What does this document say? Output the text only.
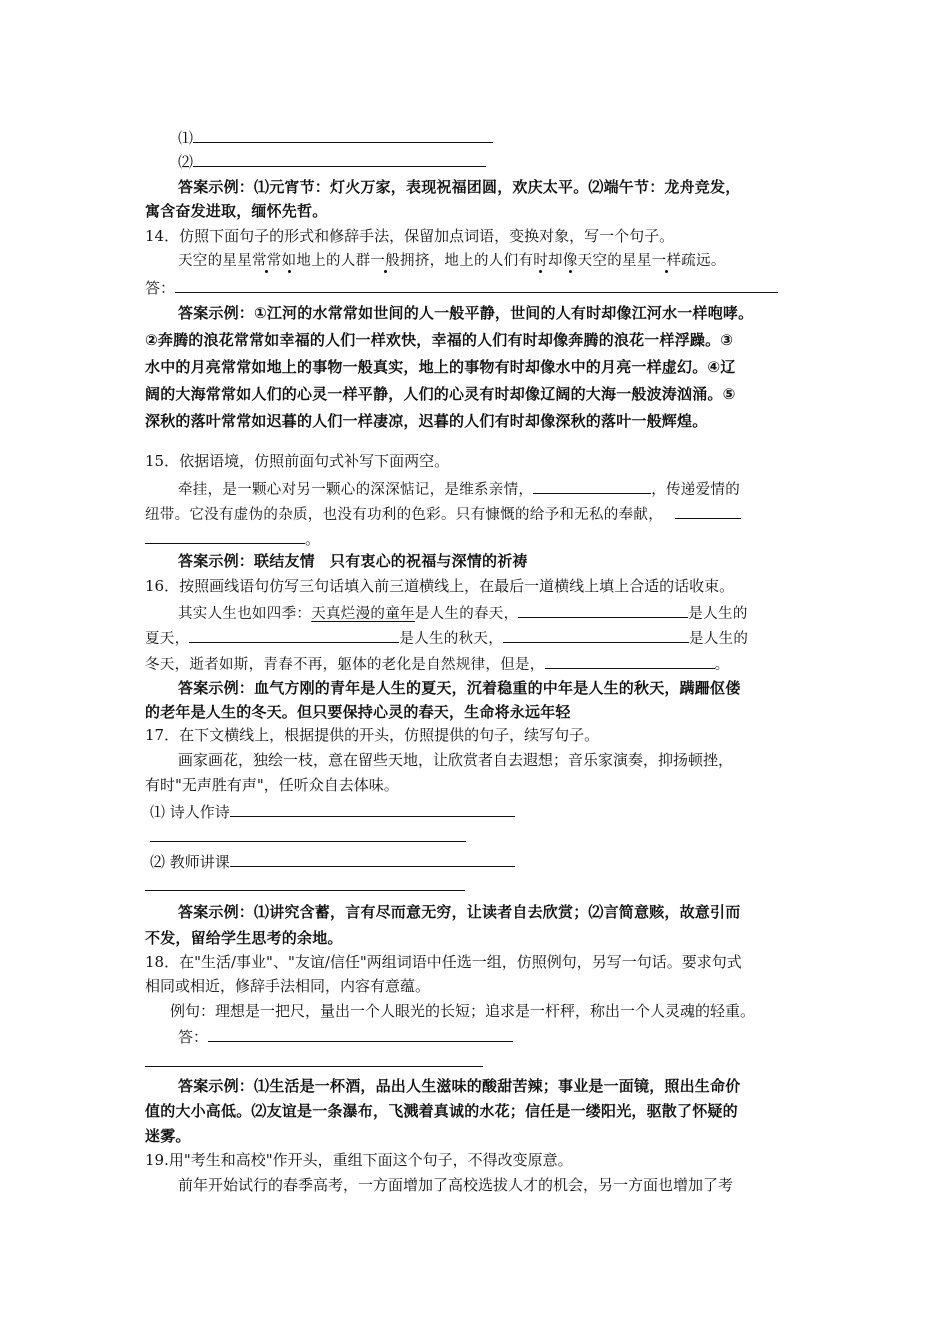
⑴
⑵
答案示例：⑴元宵节：灯火万家，表现祝福团圆，欢庆太平。⑵端午节：龙舟竞发，
寓含奋发进取，缅怀先哲。
14．仿照下面句子的形式和修辞手法，保留加点词语，变换对象，写一个句子。
天空的星星常常如地上的人群一般拥挤，地上的人们有时却像天空的星星一样疏远。
答：
答案示例：①江河的水常常如世间的人一般平静，世间的人有时却像江河水一样咆哮。
②奔腾的浪花常常如幸福的人们一样欢快，幸福的人们有时却像奔腾的浪花一样浮躁。③
水中的月亮常常如地上的事物一般真实，地上的事物有时却像水中的月亮一样虚幻。④辽
阔的大海常常如人们的心灵一样平静，人们的心灵有时却像辽阔的大海一般波涛汹涌。⑤
深秋的落叶常常如迟暮的人们一样凄凉，迟暮的人们有时却像深秋的落叶一般辉煌。
15．依据语境，仿照前面句式补写下面两空。
牵挂，是一颗心对另一颗心的深深惦记，是维系亲情，	，传递爱情的
纽带。它没有虚伪的杂质，也没有功利的色彩。只有慷慨的给予和无私的奉献，
。
答案示例：联结友情　只有衷心的祝福与深情的祈祷
16．按照画线语句仿写三句话填入前三道横线上，在最后一道横线上填上合适的话收束。
其实人生也如四季：天真烂漫的童年是人生的春天，	是人生的
夏天，	是人生的秋天，	是人生的
冬天，逝者如斯，青春不再，躯体的老化是自然规律，但是，	。
答案示例：血气方刚的青年是人生的夏天，沉着稳重的中年是人生的秋天，蹒跚伛偻
的老年是人生的冬天。但只要保持心灵的春天，生命将永远年轻
17．在下文横线上，根据提供的开头，仿照提供的句子，续写句子。
画家画花，独绘一枝，意在留些天地，让欣赏者自去遐想；音乐家演奏，抑扬顿挫，
有时"无声胜有声"，任听众自去体味。
⑴ 诗人作诗
⑵ 教师讲课
答案示例：⑴讲究含蓄，言有尽而意无穷，让读者自去欣赏；⑵言简意赅，故意引而
不发，留给学生思考的余地。
18．在"生活/事业"、"友谊/信任"两组词语中任选一组，仿照例句，另写一句话。要求句式
相同或相近，修辞手法相同，内容有意蕴。
例句：理想是一把尺，量出一个人眼光的长短；追求是一杆秤，称出一个人灵魂的轻重。
答：
答案示例：⑴生活是一杯酒，品出人生滋味的酸甜苦辣；事业是一面镜，照出生命价
值的大小高低。⑵友谊是一条瀑布，飞溅着真诚的水花；信任是一缕阳光，驱散了怀疑的
迷雾。
19.用"考生和高校"作开头，重组下面这个句子，不得改变原意。
前年开始试行的春季高考，一方面增加了高校选拔人才的机会，另一方面也增加了考
